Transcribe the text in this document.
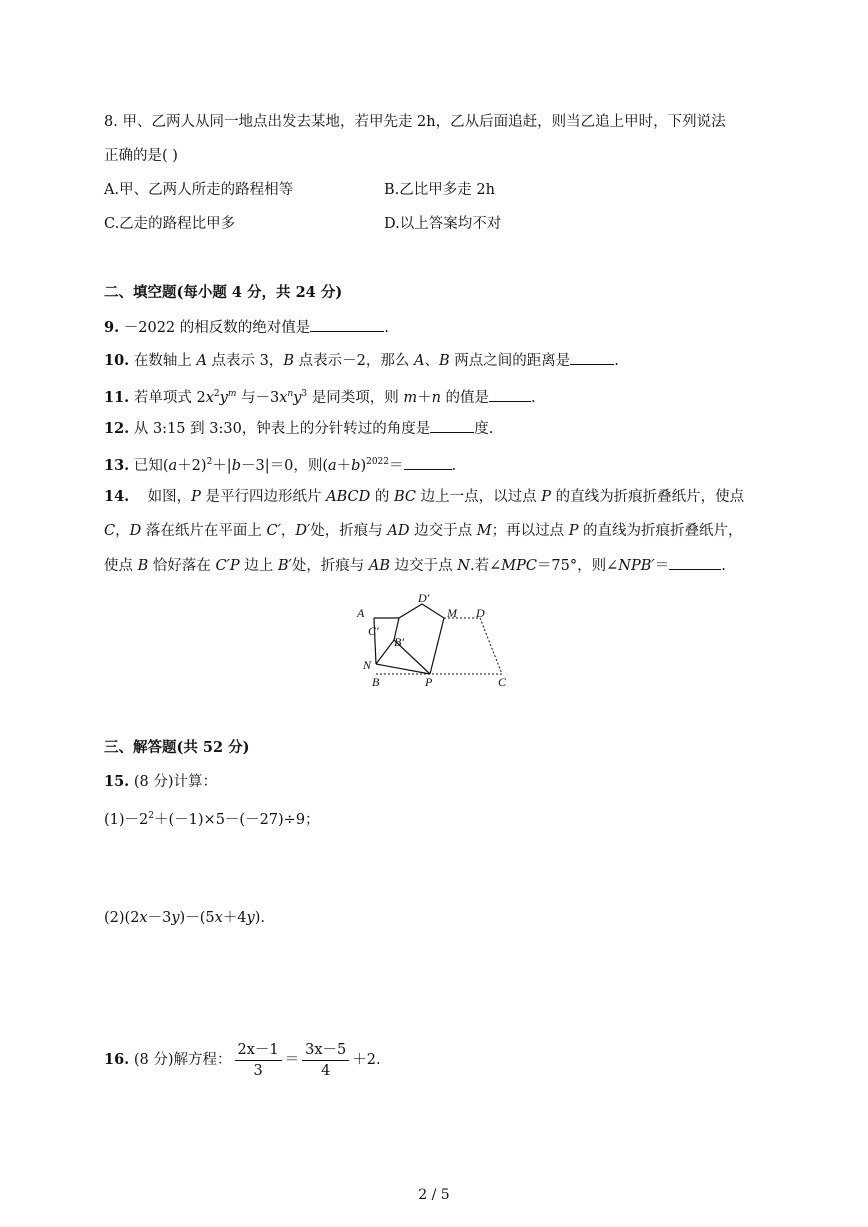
8. 甲、乙两人从同一地点出发去某地，若甲先走 2h，乙从后面追赶，则当乙追上甲时，下列说法
正确的是( )
A.甲、乙两人所走的路程相等	B.乙比甲多走 2h
C.乙走的路程比甲多	D.以上答案均不对
二、填空题(每小题 4 分，共 24 分)
9. －2022 的相反数的绝对值是	.
10. 在数轴上 A 点表示 3，B 点表示－2，那么 A、B 两点之间的距离是	.
11. 若单项式 $2x^2y^m$ 与$-3x^ny^3$ 是同类项，则 m＋n 的值是	.
12. 从 3:15 到 3:30，钟表上的分针转过的角度是	度.
13. 已知$(a+2)^2+|b-3|=0$，则$(a+b)^{2022}=$	.
14.    如图，P 是平行四边形纸片 ABCD 的 BC 边上一点，以过点 P 的直线为折痕折叠纸片，使点
C，D 落在纸片在平面上 C′，D′处，折痕与 AD 边交于点 M；再以过点 P 的直线为折痕折叠纸片，
使点 B 恰好落在 C′P 边上 B′处，折痕与 AB 边交于点 N.若∠MPC＝75°，则∠NPB′＝	.
A
D′
M D
C′
B′
N
B	P	C
三、解答题(共 52 分)
15. (8 分)计算：
$(1)-2^2+(-1)\times 5-(-27)\div 9$；
(2)(2x－3y)－(5x＋4y).
16. (8 分)解方程： $\frac{2x-1}{3} = \frac{3x-5}{4} +2$.
2 / 5
